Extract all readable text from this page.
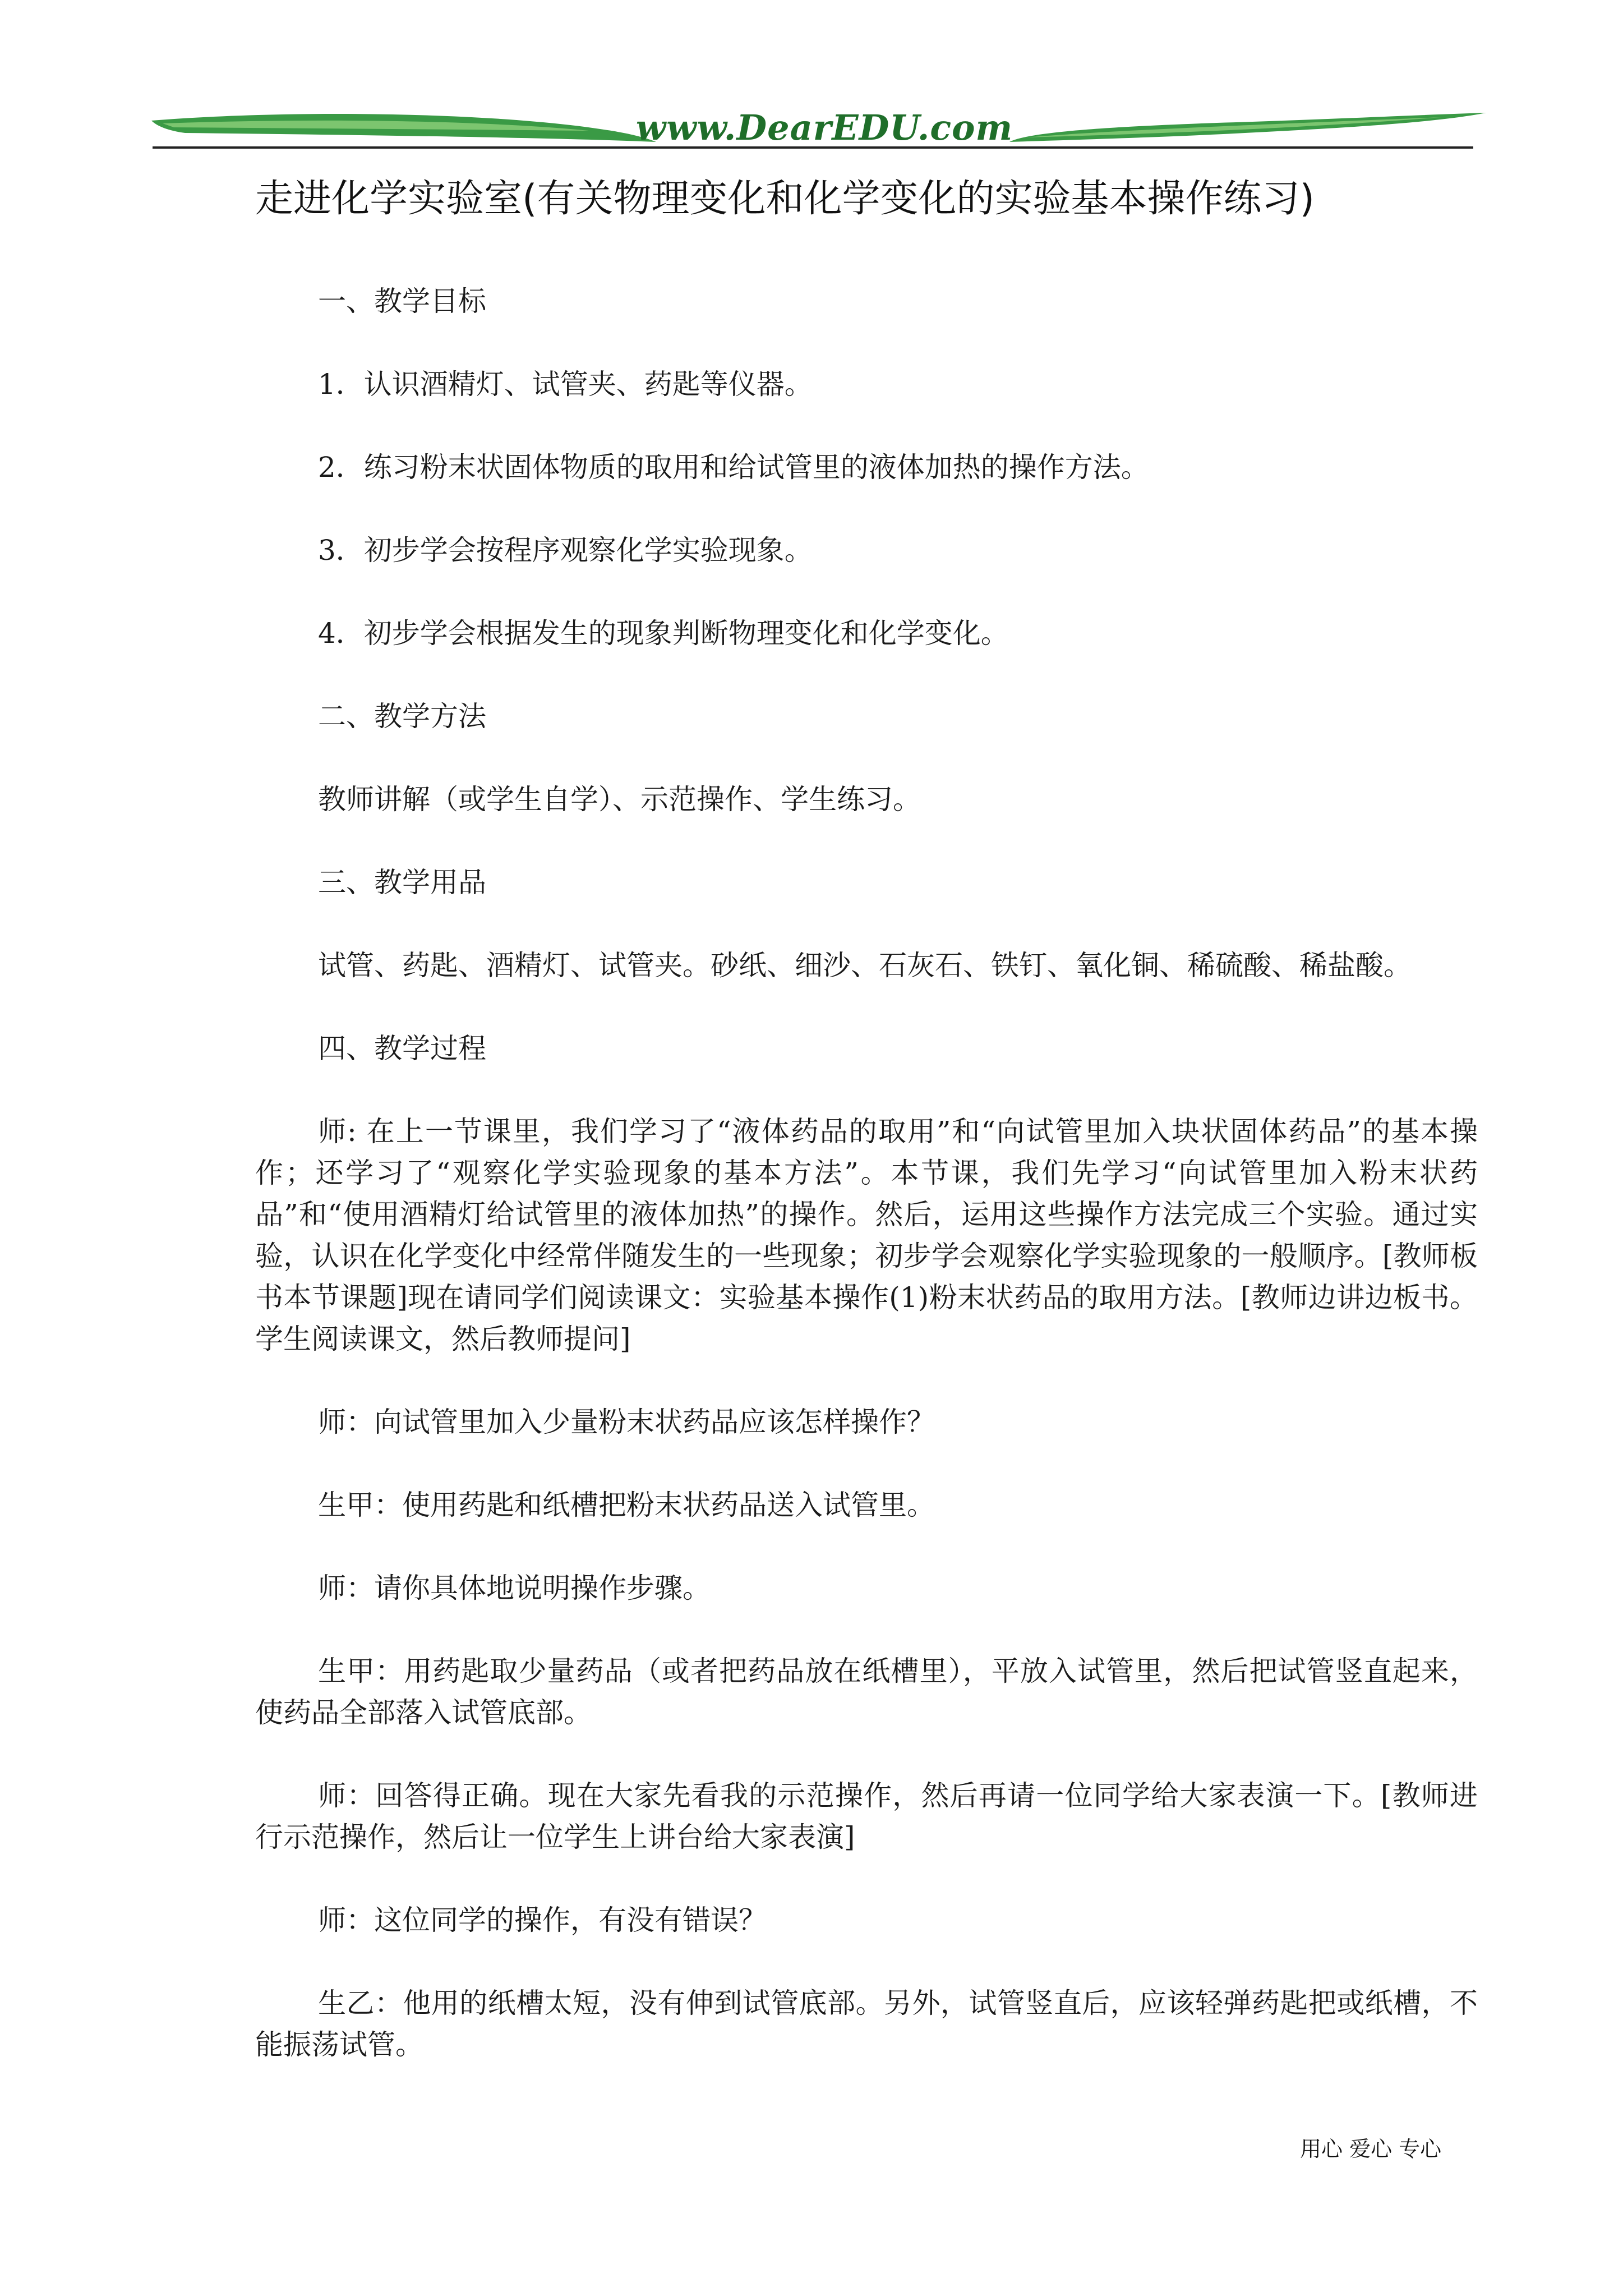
www.DearEDU.com
走进化学实验室(有关物理变化和化学变化的实验基本操作练习)

一、教学目标

1．认识酒精灯、试管夹、药匙等仪器。

2．练习粉末状固体物质的取用和给试管里的液体加热的操作方法。

3．初步学会按程序观察化学实验现象。

4．初步学会根据发生的现象判断物理变化和化学变化。

二、教学方法

教师讲解（或学生自学）、示范操作、学生练习。

三、教学用品

试管、药匙、酒精灯、试管夹。砂纸、细沙、石灰石、铁钉、氧化铜、稀硫酸、稀盐酸。

四、教学过程

师: 在上一节课里，我们学习了“液体药品的取用”和“向试管里加入块状固体药品”的基本操作；还学习了“观察化学实验现象的基本方法”。本节课，我们先学习“向试管里加入粉末状药品”和“使用酒精灯给试管里的液体加热”的操作。然后，运用这些操作方法完成三个实验。通过实验，认识在化学变化中经常伴随发生的一些现象；初步学会观察化学实验现象的一般顺序。[教师板书本节课题]现在请同学们阅读课文：实验基本操作(1)粉末状药品的取用方法。[教师边讲边板书。学生阅读课文，然后教师提问]

师：向试管里加入少量粉末状药品应该怎样操作？

生甲：使用药匙和纸槽把粉末状药品送入试管里。

师：请你具体地说明操作步骤。

生甲：用药匙取少量药品（或者把药品放在纸槽里），平放入试管里，然后把试管竖直起来，使药品全部落入试管底部。

师：回答得正确。现在大家先看我的示范操作，然后再请一位同学给大家表演一下。[教师进行示范操作，然后让一位学生上讲台给大家表演]

师：这位同学的操作，有没有错误？

生乙：他用的纸槽太短，没有伸到试管底部。另外，试管竖直后，应该轻弹药匙把或纸槽，不能振荡试管。

用心 爱心 专心
